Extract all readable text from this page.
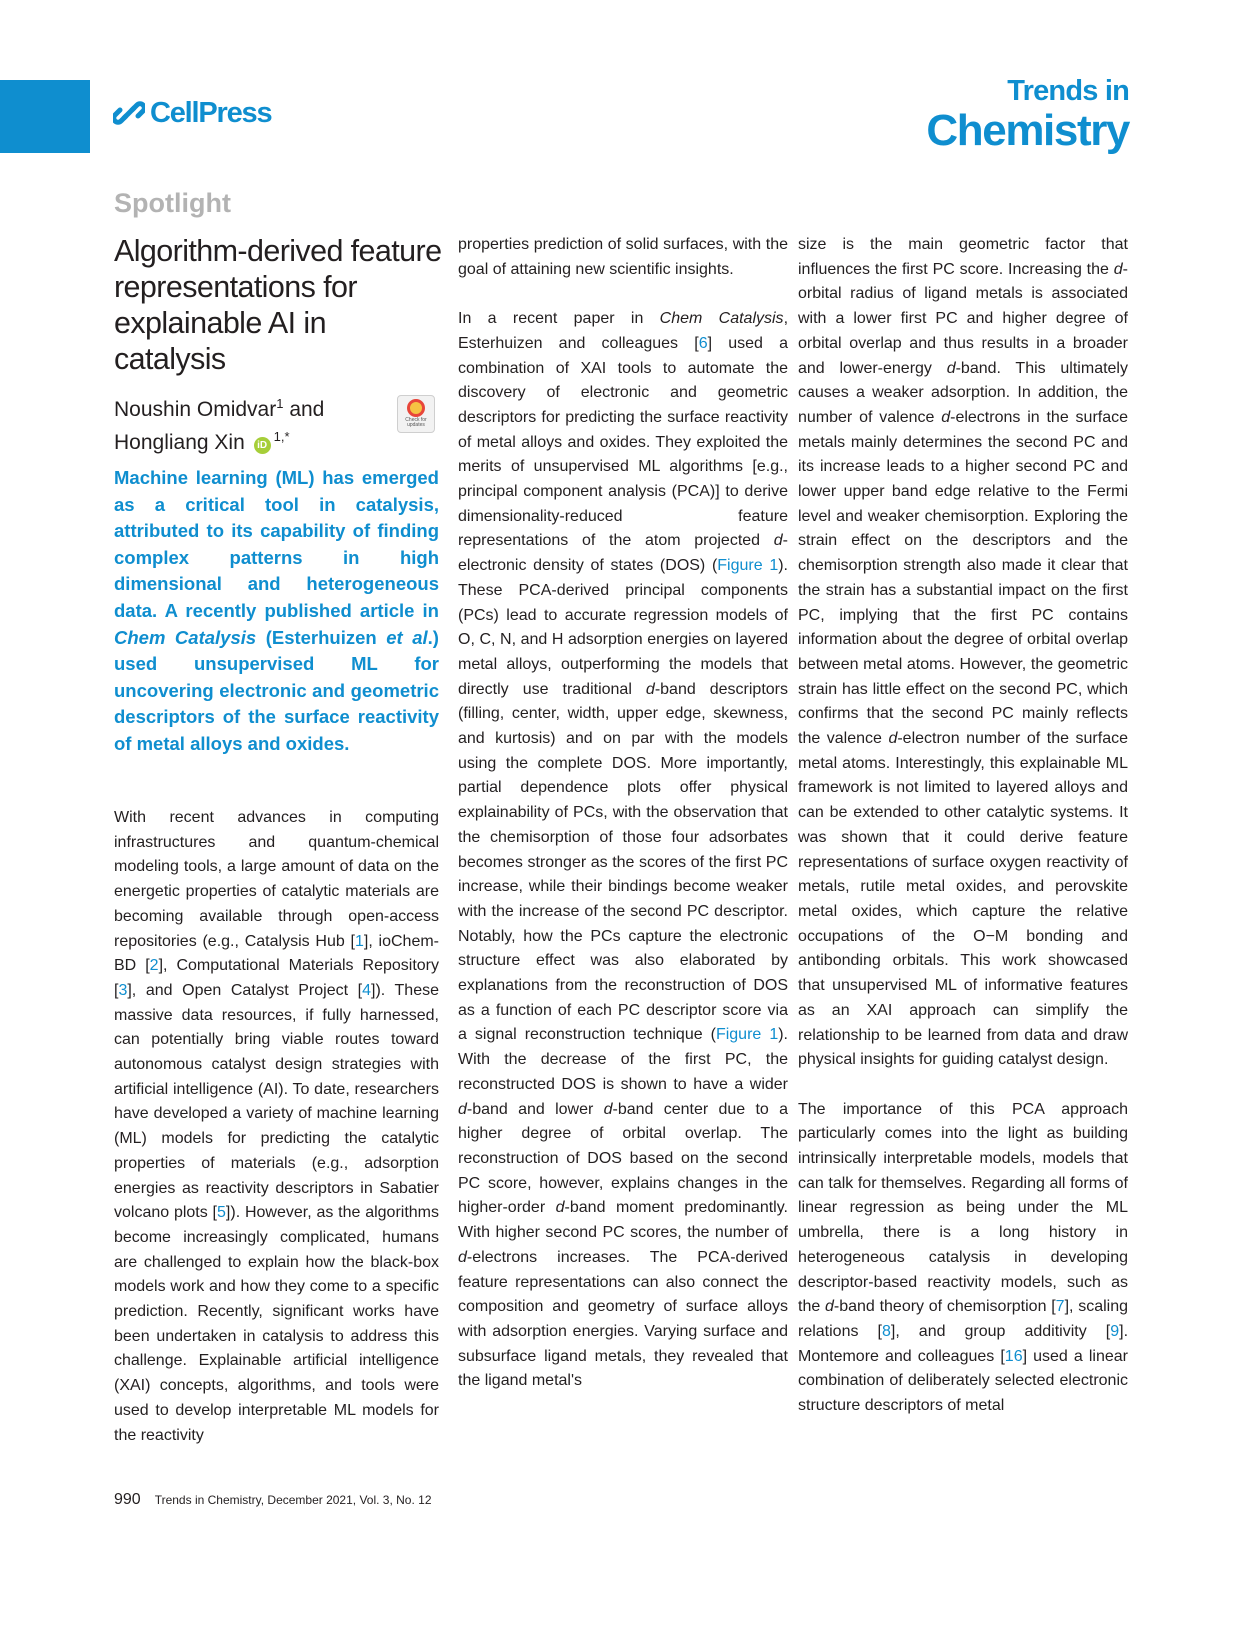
CellPress
Trends in
Chemistry
Spotlight
Algorithm-derived feature representations for explainable AI in catalysis
Noushin Omidvar$^1$ and
Hongliang Xin $iD^{1,*}$
Check for updates
Machine learning (ML) has emerged as a critical tool in catalysis, attributed to its capability of finding complex patterns in high dimensional and heterogeneous data. A recently published article in Chem Catalysis (Esterhuizen et al.) used unsupervised ML for uncovering electronic and geometric descriptors of the surface reactivity of metal alloys and oxides.

With recent advances in computing infrastructures and quantum-chemical modeling tools, a large amount of data on the energetic properties of catalytic materials are becoming available through open-access repositories (e.g., Catalysis Hub [1], ioChem-BD [2], Computational Materials Repository [3], and Open Catalyst Project [4]). These massive data resources, if fully harnessed, can potentially bring viable routes toward autonomous catalyst design strategies with artificial intelligence (AI). To date, researchers have developed a variety of machine learning (ML) models for predicting the catalytic properties of materials (e.g., adsorption energies as reactivity descriptors in Sabatier volcano plots [5]). However, as the algorithms become increasingly complicated, humans are challenged to explain how the black-box models work and how they come to a specific prediction. Recently, significant works have been undertaken in catalysis to address this challenge. Explainable artificial intelligence (XAI) concepts, algorithms, and tools were used to develop interpretable ML models for the reactivity

properties prediction of solid surfaces, with the goal of attaining new scientific insights.

In a recent paper in Chem Catalysis, Esterhuizen and colleagues [6] used a combination of XAI tools to automate the discovery of electronic and geometric descriptors for predicting the surface reactivity of metal alloys and oxides. They exploited the merits of unsupervised ML algorithms [e.g., principal component analysis (PCA)] to derive dimensionality-reduced feature representations of the atom projected d-electronic density of states (DOS) (Figure 1). These PCA-derived principal components (PCs) lead to accurate regression models of O, C, N, and H adsorption energies on layered metal alloys, outperforming the models that directly use traditional d-band descriptors (filling, center, width, upper edge, skewness, and kurtosis) and on par with the models using the complete DOS. More importantly, partial dependence plots offer physical explainability of PCs, with the observation that the chemisorption of those four adsorbates becomes stronger as the scores of the first PC increase, while their bindings become weaker with the increase of the second PC descriptor. Notably, how the PCs capture the electronic structure effect was also elaborated by explanations from the reconstruction of DOS as a function of each PC descriptor score via a signal reconstruction technique (Figure 1). With the decrease of the first PC, the reconstructed DOS is shown to have a wider d-band and lower d-band center due to a higher degree of orbital overlap. The reconstruction of DOS based on the second PC score, however, explains changes in the higher-order d-band moment predominantly. With higher second PC scores, the number of d-electrons increases. The PCA-derived feature representations can also connect the composition and geometry of surface alloys with adsorption energies. Varying surface and subsurface ligand metals, they revealed that the ligand metal's

size is the main geometric factor that influences the first PC score. Increasing the d-orbital radius of ligand metals is associated with a lower first PC and higher degree of orbital overlap and thus results in a broader and lower-energy d-band. This ultimately causes a weaker adsorption. In addition, the number of valence d-electrons in the surface metals mainly determines the second PC and its increase leads to a higher second PC and lower upper band edge relative to the Fermi level and weaker chemisorption. Exploring the strain effect on the descriptors and the chemisorption strength also made it clear that the strain has a substantial impact on the first PC, implying that the first PC contains information about the degree of orbital overlap between metal atoms. However, the geometric strain has little effect on the second PC, which confirms that the second PC mainly reflects the valence d-electron number of the surface metal atoms. Interestingly, this explainable ML framework is not limited to layered alloys and can be extended to other catalytic systems. It was shown that it could derive feature representations of surface oxygen reactivity of metals, rutile metal oxides, and perovskite metal oxides, which capture the relative occupations of the O−M bonding and antibonding orbitals. This work showcased that unsupervised ML of informative features as an XAI approach can simplify the relationship to be learned from data and draw physical insights for guiding catalyst design.

The importance of this PCA approach particularly comes into the light as building intrinsically interpretable models, models that can talk for themselves. Regarding all forms of linear regression as being under the ML umbrella, there is a long history in heterogeneous catalysis in developing descriptor-based reactivity models, such as the d-band theory of chemisorption [7], scaling relations [8], and group additivity [9]. Montemore and colleagues [16] used a linear combination of deliberately selected electronic structure descriptors of metal

990 Trends in Chemistry, December 2021, Vol. 3, No. 12
